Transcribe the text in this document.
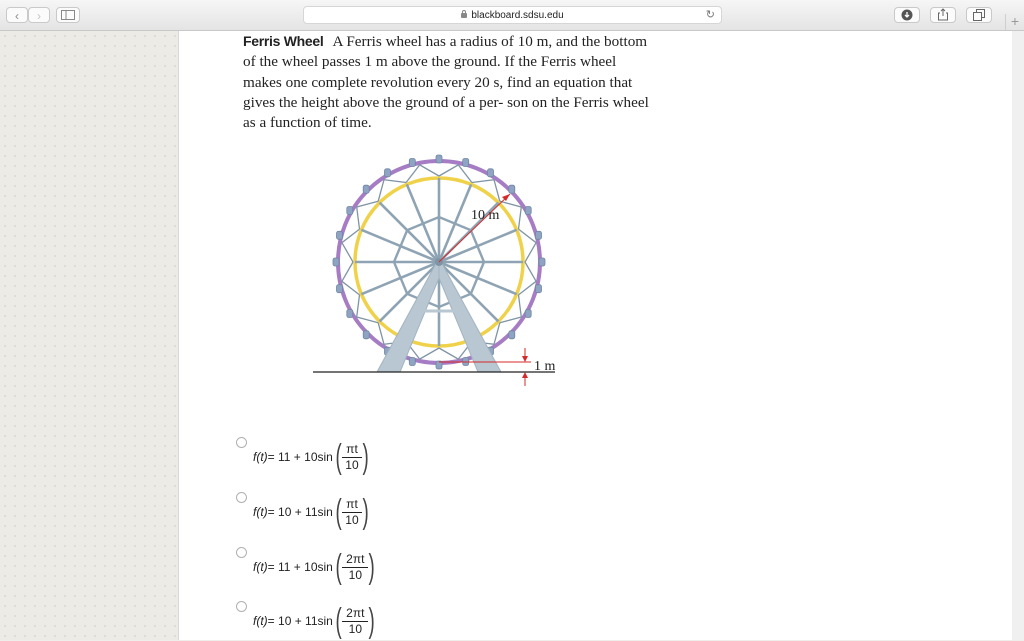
‹	›	blackboard.sdsu.edu	↻	+
Ferris Wheel A Ferris wheel has a radius of 10 m, and the bottom of the wheel passes 1 m above the ground. If the Ferris wheel makes one complete revolution every 20 s, find an equation that gives the height above the ground of a per- son on the Ferris wheel as a function of time.
10 m
1 m
f(t) = 11 + 10sin ( $\frac{\pi t}{10}$ )
f(t) = 10 + 11sin ( $\frac{\pi t}{10}$ )
f(t) = 11 + 10sin ( $\frac{2\pi t}{10}$ )
f(t) = 10 + 11sin ( $\frac{2\pi t}{10}$ )
